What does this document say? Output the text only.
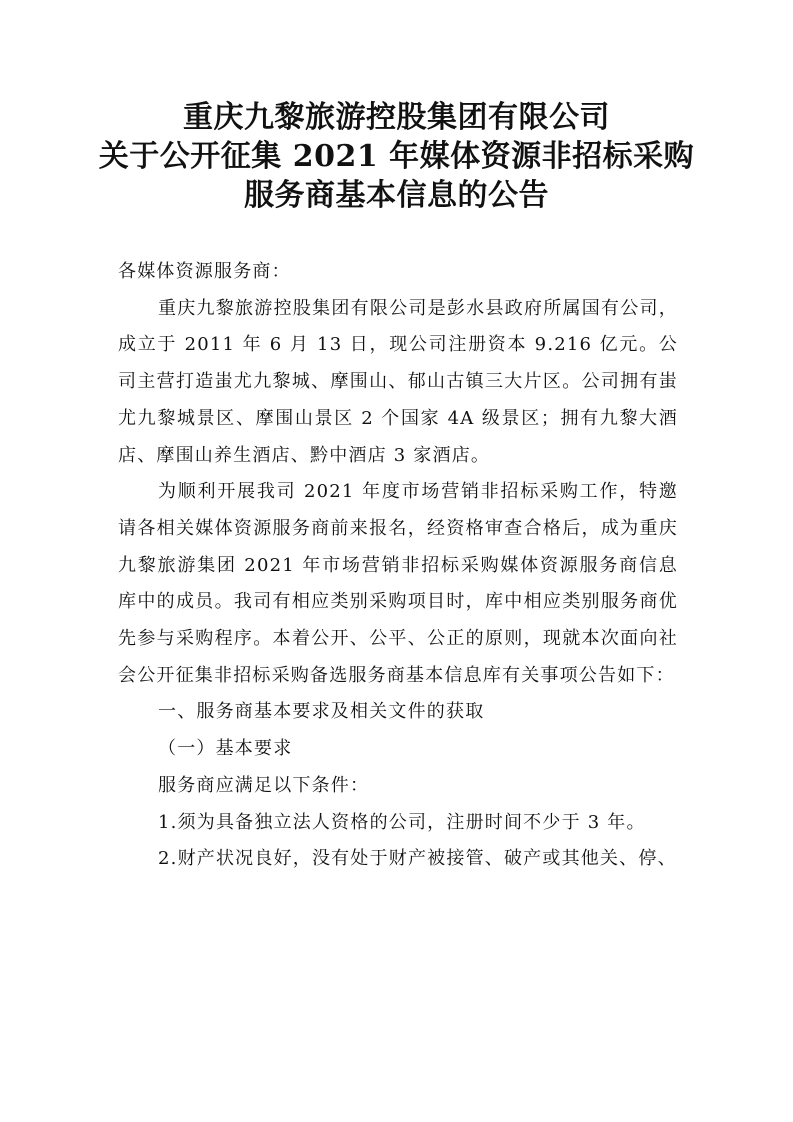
重庆九黎旅游控股集团有限公司
关于公开征集 2021 年媒体资源非招标采购
服务商基本信息的公告

各媒体资源服务商：

重庆九黎旅游控股集团有限公司是彭水县政府所属国有公司，成立于 2011 年 6 月 13 日，现公司注册资本 9.216 亿元。公司主营打造蚩尤九黎城、摩围山、郁山古镇三大片区。公司拥有蚩尤九黎城景区、摩围山景区 2 个国家 4A 级景区；拥有九黎大酒店、摩围山养生酒店、黔中酒店 3 家酒店。

为顺利开展我司 2021 年度市场营销非招标采购工作，特邀请各相关媒体资源服务商前来报名，经资格审查合格后，成为重庆九黎旅游集团 2021 年市场营销非招标采购媒体资源服务商信息库中的成员。我司有相应类别采购项目时，库中相应类别服务商优先参与采购程序。本着公开、公平、公正的原则，现就本次面向社会公开征集非招标采购备选服务商基本信息库有关事项公告如下：

一、服务商基本要求及相关文件的获取

（一）基本要求

服务商应满足以下条件：

1.须为具备独立法人资格的公司，注册时间不少于 3 年。

2.财产状况良好，没有处于财产被接管、破产或其他关、停、
